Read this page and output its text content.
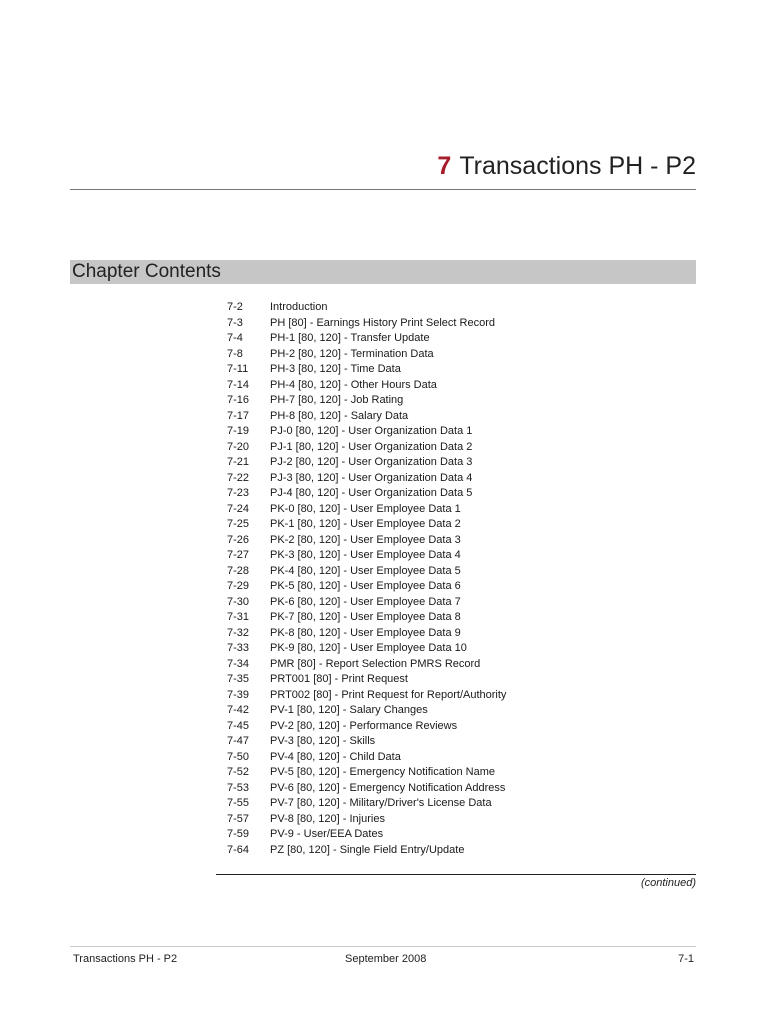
7 Transactions PH - P2
Chapter Contents
7-2 Introduction
7-3 PH [80] - Earnings History Print Select Record
7-4 PH-1 [80, 120] - Transfer Update
7-8 PH-2 [80, 120] - Termination Data
7-11 PH-3 [80, 120] - Time Data
7-14 PH-4 [80, 120] - Other Hours Data
7-16 PH-7 [80, 120] - Job Rating
7-17 PH-8 [80, 120] - Salary Data
7-19 PJ-0 [80, 120] - User Organization Data 1
7-20 PJ-1 [80, 120] - User Organization Data 2
7-21 PJ-2 [80, 120] - User Organization Data 3
7-22 PJ-3 [80, 120] - User Organization Data 4
7-23 PJ-4 [80, 120] - User Organization Data 5
7-24 PK-0 [80, 120] - User Employee Data 1
7-25 PK-1 [80, 120] - User Employee Data 2
7-26 PK-2 [80, 120] - User Employee Data 3
7-27 PK-3 [80, 120] - User Employee Data 4
7-28 PK-4 [80, 120] - User Employee Data 5
7-29 PK-5 [80, 120] - User Employee Data 6
7-30 PK-6 [80, 120] - User Employee Data 7
7-31 PK-7 [80, 120] - User Employee Data 8
7-32 PK-8 [80, 120] - User Employee Data 9
7-33 PK-9 [80, 120] - User Employee Data 10
7-34 PMR [80] - Report Selection PMRS Record
7-35 PRT001 [80] - Print Request
7-39 PRT002 [80] - Print Request for Report/Authority
7-42 PV-1 [80, 120] - Salary Changes
7-45 PV-2 [80, 120] - Performance Reviews
7-47 PV-3 [80, 120] - Skills
7-50 PV-4 [80, 120] - Child Data
7-52 PV-5 [80, 120] - Emergency Notification Name
7-53 PV-6 [80, 120] - Emergency Notification Address
7-55 PV-7 [80, 120] - Military/Driver's License Data
7-57 PV-8 [80, 120] - Injuries
7-59 PV-9 - User/EEA Dates
7-64 PZ [80, 120] - Single Field Entry/Update
(continued)
Transactions PH - P2	September 2008	7-1
